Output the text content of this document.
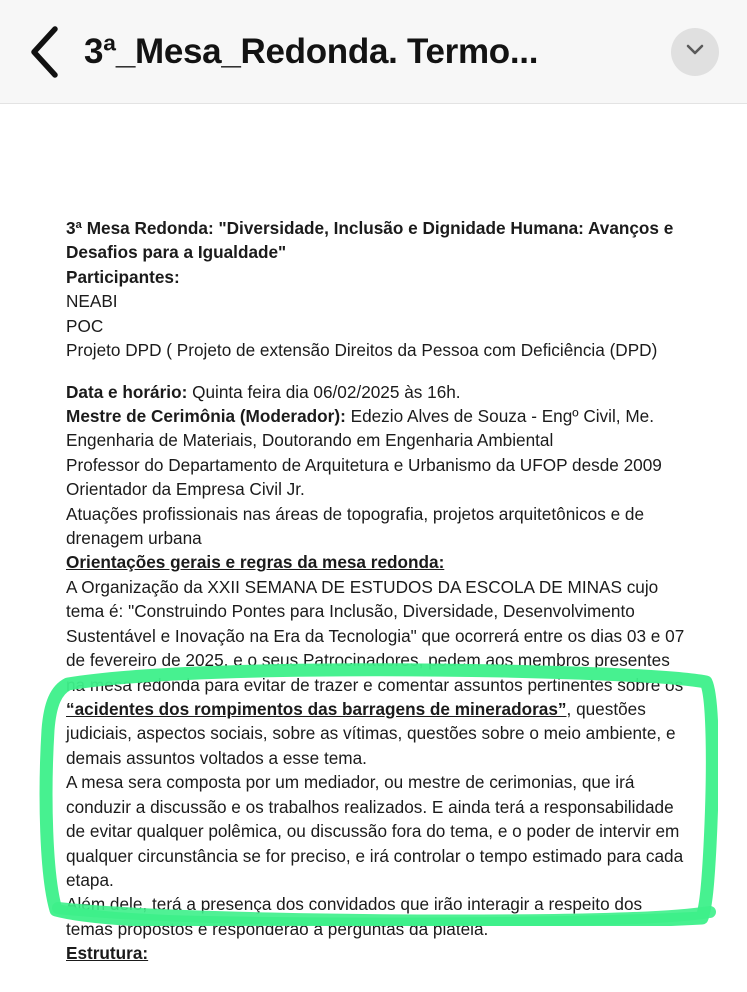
3ª_Mesa_Redonda. Termo...

3ª Mesa Redonda: "Diversidade, Inclusão e Dignidade Humana: Avanços e Desafios para a Igualdade"

Participantes:

NEABI

POC

Projeto DPD ( Projeto de extensão Direitos da Pessoa com Deficiência (DPD)

Data e horário: Quinta feira dia 06/02/2025 às 16h.

Mestre de Cerimônia (Moderador): Edezio Alves de Souza - Engº Civil, Me. Engenharia de Materiais, Doutorando em Engenharia Ambiental

Professor do Departamento de Arquitetura e Urbanismo da UFOP desde 2009

Orientador da Empresa Civil Jr.

Atuações profissionais nas áreas de topografia, projetos arquitetônicos e de drenagem urbana

Orientações gerais e regras da mesa redonda:

A Organização da XXII SEMANA DE ESTUDOS DA ESCOLA DE MINAS cujo tema é: "Construindo Pontes para Inclusão, Diversidade, Desenvolvimento Sustentável e Inovação na Era da Tecnologia" que ocorrerá entre os dias 03 e 07 de fevereiro de 2025, e o seus Patrocinadores, pedem aos membros presentes na mesa redonda para evitar de trazer e comentar assuntos pertinentes sobre os “acidentes dos rompimentos das barragens de mineradoras”, questões judiciais, aspectos sociais, sobre as vítimas, questões sobre o meio ambiente, e demais assuntos voltados a esse tema.

A mesa sera composta por um mediador, ou mestre de cerimonias, que irá conduzir a discussão e os trabalhos realizados. E ainda terá a responsabilidade de evitar qualquer polêmica, ou discussão fora do tema, e o poder de intervir em qualquer circunstância se for preciso, e irá controlar o tempo estimado para cada etapa.

Além dele, terá a presença dos convidados que irão interagir a respeito dos temas propostos e responderão a perguntas da plateia.

Estrutura:
